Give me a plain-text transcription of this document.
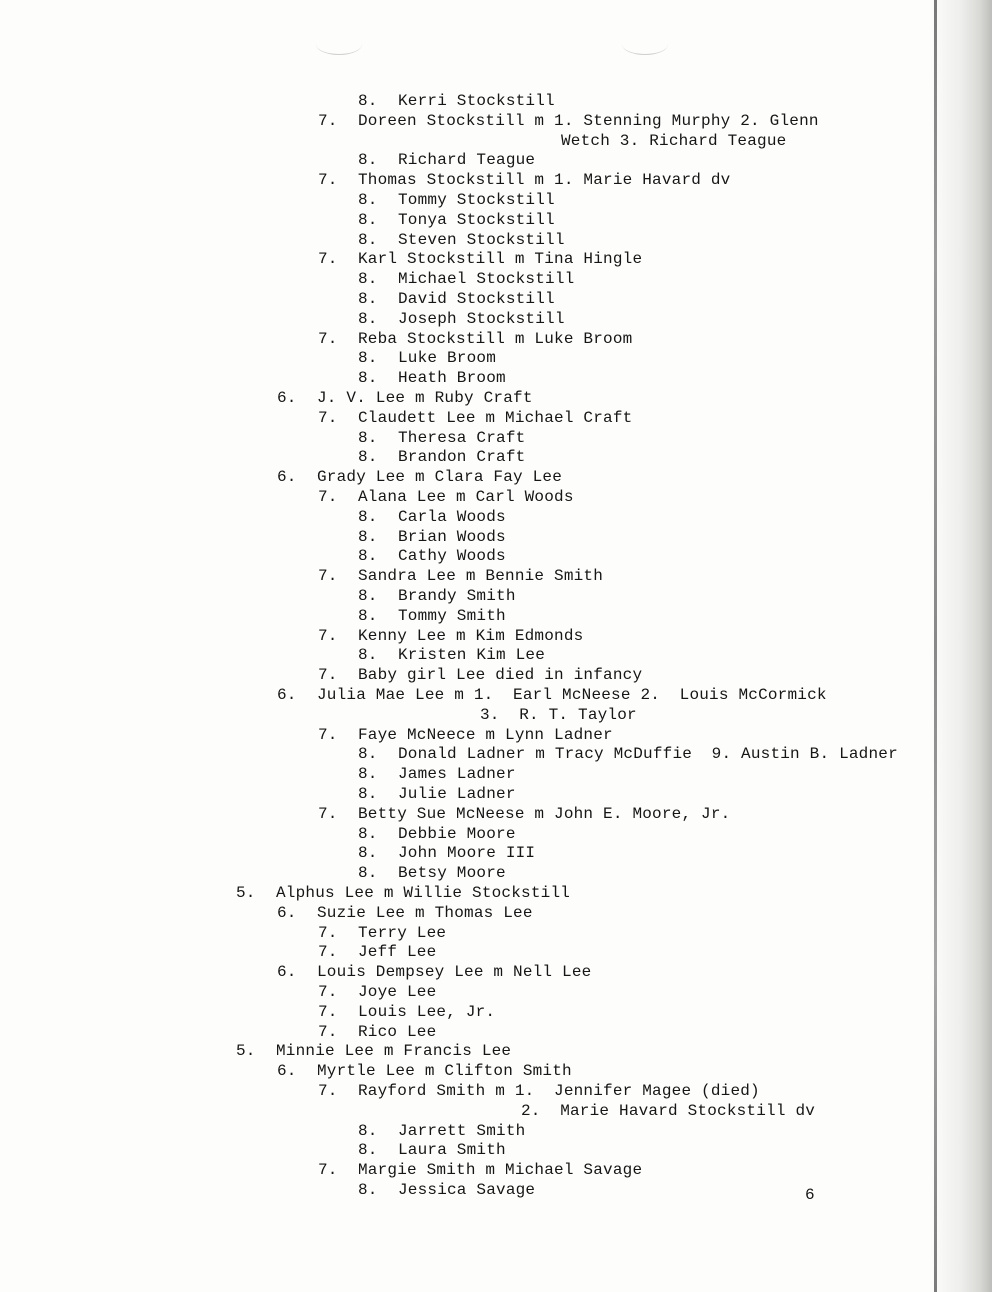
8. Kerri Stockstill
7. Doreen Stockstill m 1. Stenning Murphy 2. Glenn
Wetch 3. Richard Teague
8. Richard Teague
7. Thomas Stockstill m 1. Marie Havard dv
8. Tommy Stockstill
8. Tonya Stockstill
8. Steven Stockstill
7. Karl Stockstill m Tina Hingle
8. Michael Stockstill
8. David Stockstill
8. Joseph Stockstill
7. Reba Stockstill m Luke Broom
8. Luke Broom
8. Heath Broom
6. J. V. Lee m Ruby Craft
7. Claudett Lee m Michael Craft
8. Theresa Craft
8. Brandon Craft
6. Grady Lee m Clara Fay Lee
7. Alana Lee m Carl Woods
8. Carla Woods
8. Brian Woods
8. Cathy Woods
7. Sandra Lee m Bennie Smith
8. Brandy Smith
8. Tommy Smith
7. Kenny Lee m Kim Edmonds
8. Kristen Kim Lee
7. Baby girl Lee died in infancy
6. Julia Mae Lee m 1.  Earl McNeese 2.  Louis McCormick
3.  R. T. Taylor
7. Faye McNeece m Lynn Ladner
8. Donald Ladner m Tracy McDuffie  9. Austin B. Ladner
8. James Ladner
8. Julie Ladner
7. Betty Sue McNeese m John E. Moore, Jr.
8. Debbie Moore
8. John Moore III
8. Betsy Moore
5. Alphus Lee m Willie Stockstill
6. Suzie Lee m Thomas Lee
7. Terry Lee
7. Jeff Lee
6. Louis Dempsey Lee m Nell Lee
7. Joye Lee
7. Louis Lee, Jr.
7. Rico Lee
5. Minnie Lee m Francis Lee
6. Myrtle Lee m Clifton Smith
7. Rayford Smith m 1.  Jennifer Magee (died)
2.  Marie Havard Stockstill dv
8. Jarrett Smith
8. Laura Smith
7. Margie Smith m Michael Savage
8. Jessica Savage	6
